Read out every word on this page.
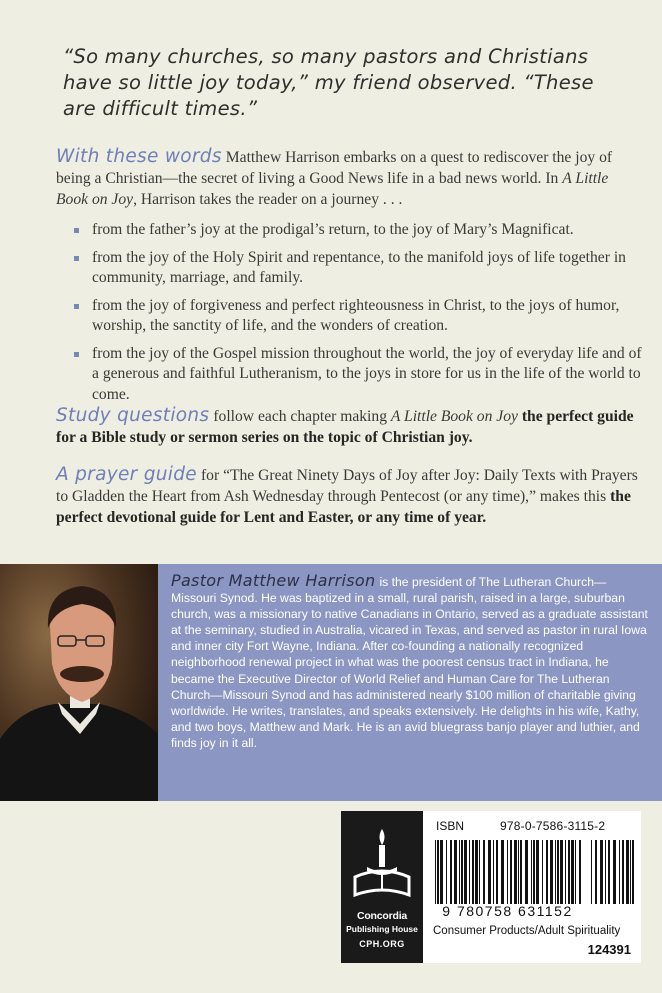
“So many churches, so many pastors and Christians have so little joy today,” my friend observed. “These are difficult times.”
With these words Matthew Harrison embarks on a quest to rediscover the joy of being a Christian—the secret of living a Good News life in a bad news world. In A Little Book on Joy, Harrison takes the reader on a journey . . .
from the father’s joy at the prodigal’s return, to the joy of Mary’s Magnificat.
from the joy of the Holy Spirit and repentance, to the manifold joys of life together in community, marriage, and family.
from the joy of forgiveness and perfect righteousness in Christ, to the joys of humor, worship, the sanctity of life, and the wonders of creation.
from the joy of the Gospel mission throughout the world, the joy of everyday life and of a generous and faithful Lutheranism, to the joys in store for us in the life of the world to come.
Study questions follow each chapter making A Little Book on Joy the perfect guide for a Bible study or sermon series on the topic of Christian joy.
A prayer guide for “The Great Ninety Days of Joy after Joy: Daily Texts with Prayers to Gladden the Heart from Ash Wednesday through Pentecost (or any time),” makes this the perfect devotional guide for Lent and Easter, or any time of year.
Pastor Matthew Harrison is the president of The Lutheran Church—Missouri Synod. He was baptized in a small, rural parish, raised in a large, suburban church, was a missionary to native Canadians in Ontario, served as a graduate assistant at the seminary, studied in Australia, vicared in Texas, and served as pastor in rural Iowa and inner city Fort Wayne, Indiana. After co-founding a nationally recognized neighborhood renewal project in what was the poorest census tract in Indiana, he became the Executive Director of World Relief and Human Care for The Lutheran Church—Missouri Synod and has administered nearly $100 million of charitable giving worldwide. He writes, translates, and speaks extensively. He delights in his wife, Kathy, and two boys, Matthew and Mark. He is an avid bluegrass banjo player and luthier, and finds joy in it all.
Concordia
Publishing House
CPH.ORG
ISBN	978-0-7586-3115-2
9 780758 631152
Consumer Products/Adult Spirituality
124391
